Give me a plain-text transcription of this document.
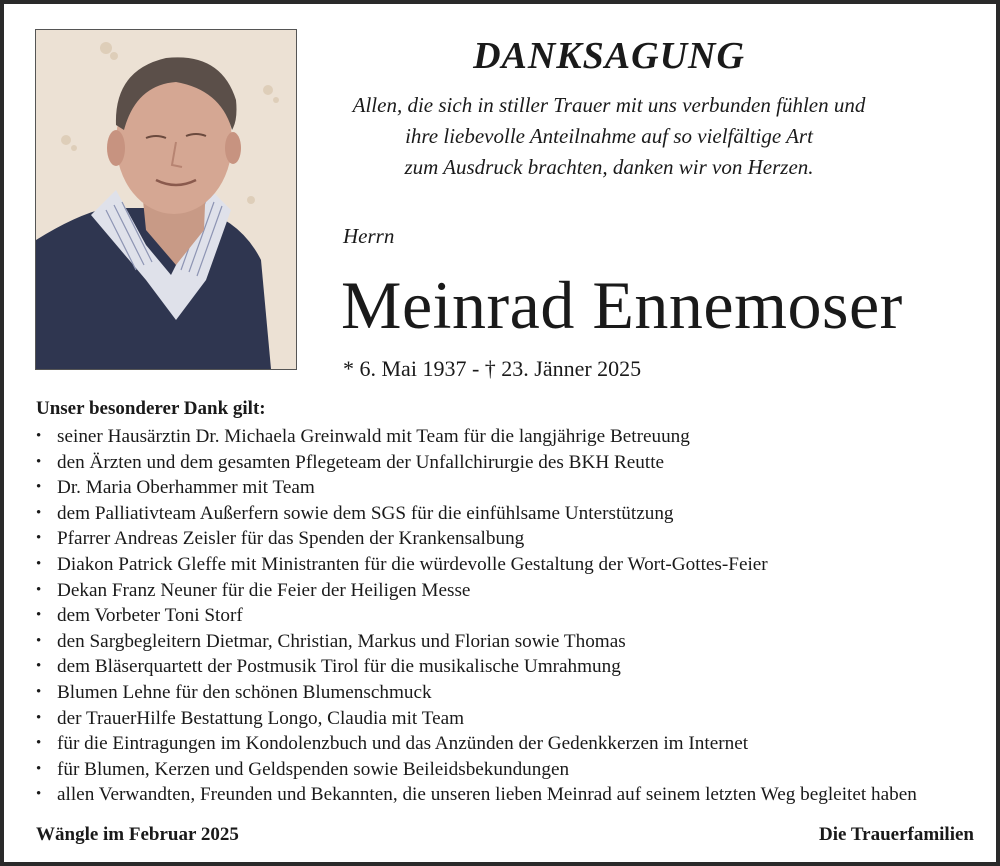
DANKSAGUNG
Allen, die sich in stiller Trauer mit uns verbunden fühlen und
ihre liebevolle Anteilnahme auf so vielfältige Art
zum Ausdruck brachten, danken wir von Herzen.
Herrn
Meinrad Ennemoser
* 6. Mai 1937 - † 23. Jänner 2025
Unser besonderer Dank gilt:
• seiner Hausärztin Dr. Michaela Greinwald mit Team für die langjährige Betreuung
• den Ärzten und dem gesamten Pflegeteam der Unfallchirurgie des BKH Reutte
• Dr. Maria Oberhammer mit Team
• dem Palliativteam Außerfern sowie dem SGS für die einfühlsame Unterstützung
• Pfarrer Andreas Zeisler für das Spenden der Krankensalbung
• Diakon Patrick Gleffe mit Ministranten für die würdevolle Gestaltung der Wort-Gottes-Feier
• Dekan Franz Neuner für die Feier der Heiligen Messe
• dem Vorbeter Toni Storf
• den Sargbegleitern Dietmar, Christian, Markus und Florian sowie Thomas
• dem Bläserquartett der Postmusik Tirol für die musikalische Umrahmung
• Blumen Lehne für den schönen Blumenschmuck
• der TrauerHilfe Bestattung Longo, Claudia mit Team
• für die Eintragungen im Kondolenzbuch und das Anzünden der Gedenkkerzen im Internet
• für Blumen, Kerzen und Geldspenden sowie Beileidsbekundungen
• allen Verwandten, Freunden und Bekannten, die unseren lieben Meinrad auf seinem letzten Weg begleitet haben
Wängle im Februar 2025	Die Trauerfamilien
